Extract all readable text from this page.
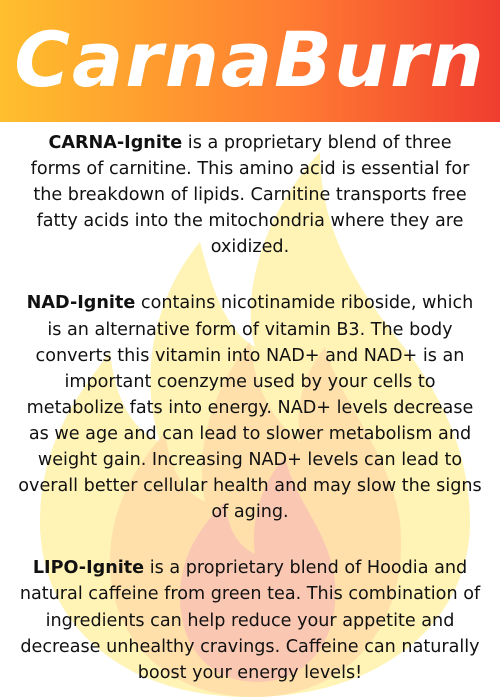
CarnaBurn

CARNA-Ignite is a proprietary blend of three forms of carnitine. This amino acid is essential for the breakdown of lipids. Carnitine transports free fatty acids into the mitochondria where they are oxidized.

NAD-Ignite contains nicotinamide riboside, which is an alternative form of vitamin B3. The body converts this vitamin into NAD+ and NAD+ is an important coenzyme used by your cells to metabolize fats into energy. NAD+ levels decrease as we age and can lead to slower metabolism and weight gain. Increasing NAD+ levels can lead to overall better cellular health and may slow the signs of aging.

LIPO-Ignite is a proprietary blend of Hoodia and natural caffeine from green tea. This combination of ingredients can help reduce your appetite and decrease unhealthy cravings. Caffeine can naturally boost your energy levels!
